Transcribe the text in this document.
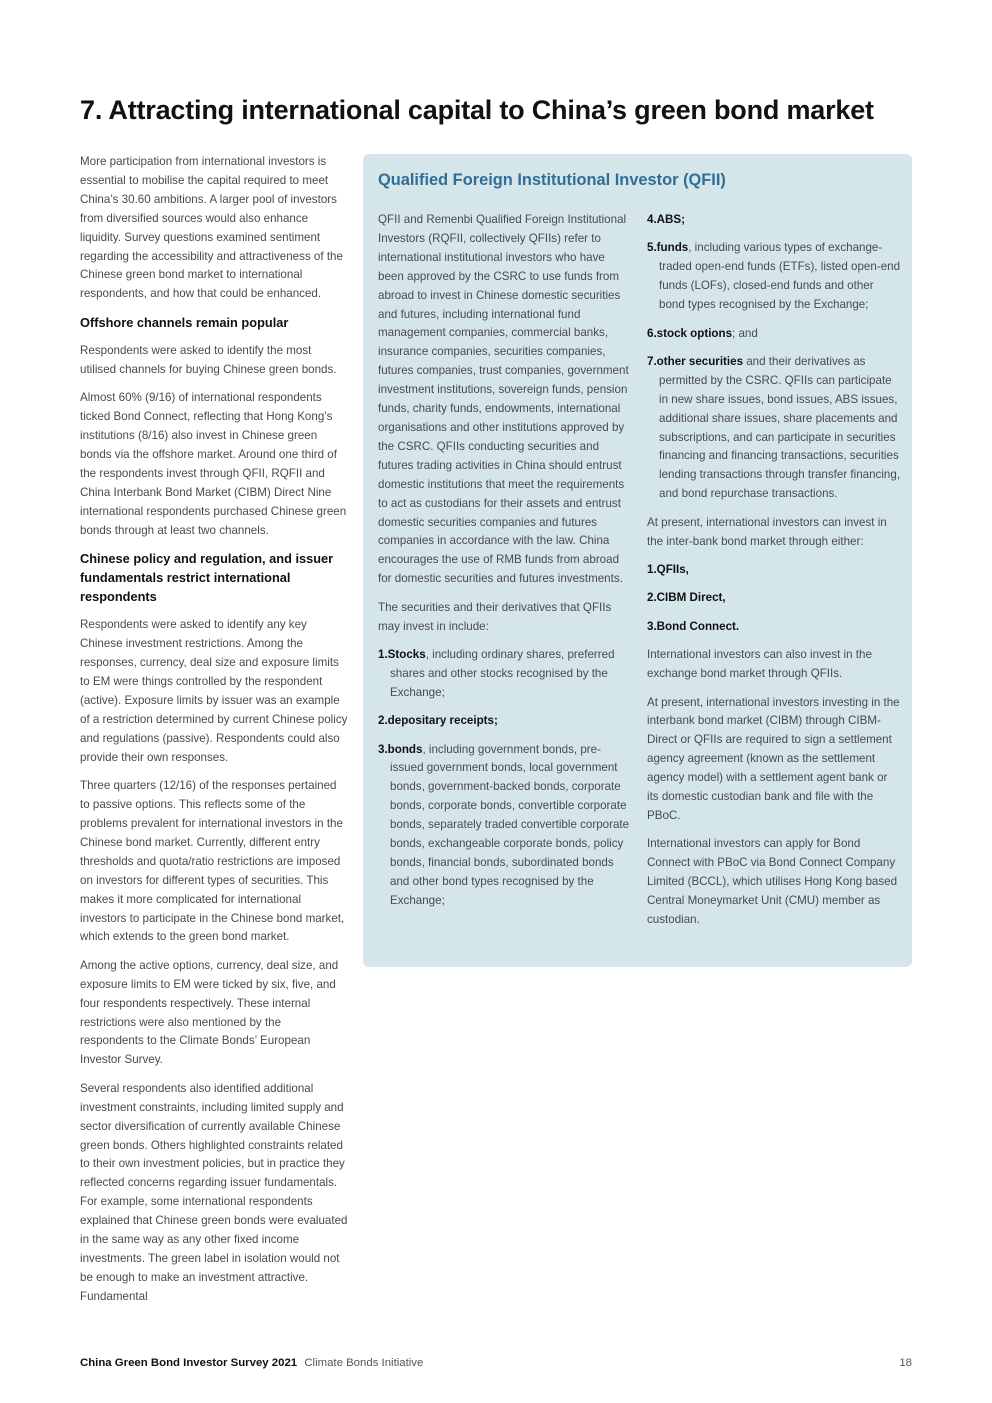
7. Attracting international capital to China’s green bond market

More participation from international investors is essential to mobilise the capital required to meet China’s 30.60 ambitions. A larger pool of investors from diversified sources would also enhance liquidity. Survey questions examined sentiment regarding the accessibility and attractiveness of the Chinese green bond market to international respondents, and how that could be enhanced.

Offshore channels remain popular

Respondents were asked to identify the most utilised channels for buying Chinese green bonds.

Almost 60% (9/16) of international respondents ticked Bond Connect, reflecting that Hong Kong’s institutions (8/16) also invest in Chinese green bonds via the offshore market. Around one third of the respondents invest through QFII, RQFII and China Interbank Bond Market (CIBM) Direct Nine international respondents purchased Chinese green bonds through at least two channels.

Chinese policy and regulation, and issuer fundamentals restrict international respondents

Respondents were asked to identify any key Chinese investment restrictions. Among the responses, currency, deal size and exposure limits to EM were things controlled by the respondent (active). Exposure limits by issuer was an example of a restriction determined by current Chinese policy and regulations (passive). Respondents could also provide their own responses.

Three quarters (12/16) of the responses pertained to passive options. This reflects some of the problems prevalent for international investors in the Chinese bond market. Currently, different entry thresholds and quota/ratio restrictions are imposed on investors for different types of securities. This makes it more complicated for international investors to participate in the Chinese bond market, which extends to the green bond market.

Among the active options, currency, deal size, and exposure limits to EM were ticked by six, five, and four respondents respectively. These internal restrictions were also mentioned by the respondents to the Climate Bonds’ European Investor Survey.

Several respondents also identified additional investment constraints, including limited supply and sector diversification of currently available Chinese green bonds. Others highlighted constraints related to their own investment policies, but in practice they reflected concerns regarding issuer fundamentals. For example, some international respondents explained that Chinese green bonds were evaluated in the same way as any other fixed income investments. The green label in isolation would not be enough to make an investment attractive. Fundamental

Qualified Foreign Institutional Investor (QFII)

QFII and Remenbi Qualified Foreign Institutional Investors (RQFII, collectively QFIIs) refer to international institutional investors who have been approved by the CSRC to use funds from abroad to invest in Chinese domestic securities and futures, including international fund management companies, commercial banks, insurance companies, securities companies, futures companies, trust companies, government investment institutions, sovereign funds, pension funds, charity funds, endowments, international organisations and other institutions approved by the CSRC. QFIIs conducting securities and futures trading activities in China should entrust domestic institutions that meet the requirements to act as custodians for their assets and entrust domestic securities companies and futures companies in accordance with the law. China encourages the use of RMB funds from abroad for domestic securities and futures investments.

The securities and their derivatives that QFIIs may invest in include:

1.Stocks, including ordinary shares, preferred shares and other stocks recognised by the Exchange;
2.depositary receipts;
3.bonds, including government bonds, pre-issued government bonds, local government bonds, government-backed bonds, corporate bonds, corporate bonds, convertible corporate bonds, separately traded convertible corporate bonds, exchangeable corporate bonds, policy bonds, financial bonds, subordinated bonds and other bond types recognised by the Exchange;
4.ABS;
5.funds, including various types of exchange-traded open-end funds (ETFs), listed open-end funds (LOFs), closed-end funds and other bond types recognised by the Exchange;
6.stock options; and
7.other securities and their derivatives as permitted by the CSRC. QFIIs can participate in new share issues, bond issues, ABS issues, additional share issues, share placements and subscriptions, and can participate in securities financing and financing transactions, securities lending transactions through transfer financing, and bond repurchase transactions.

At present, international investors can invest in the inter-bank bond market through either:

1.QFIIs,
2.CIBM Direct,
3.Bond Connect.

International investors can also invest in the exchange bond market through QFIIs.

At present, international investors investing in the interbank bond market (CIBM) through CIBM-Direct or QFIIs are required to sign a settlement agency agreement (known as the settlement agency model) with a settlement agent bank or its domestic custodian bank and file with the PBoC.

International investors can apply for Bond Connect with PBoC via Bond Connect Company Limited (BCCL), which utilises Hong Kong based Central Moneymarket Unit (CMU) member as custodian.

China Green Bond Investor Survey 2021 Climate Bonds Initiative	18
